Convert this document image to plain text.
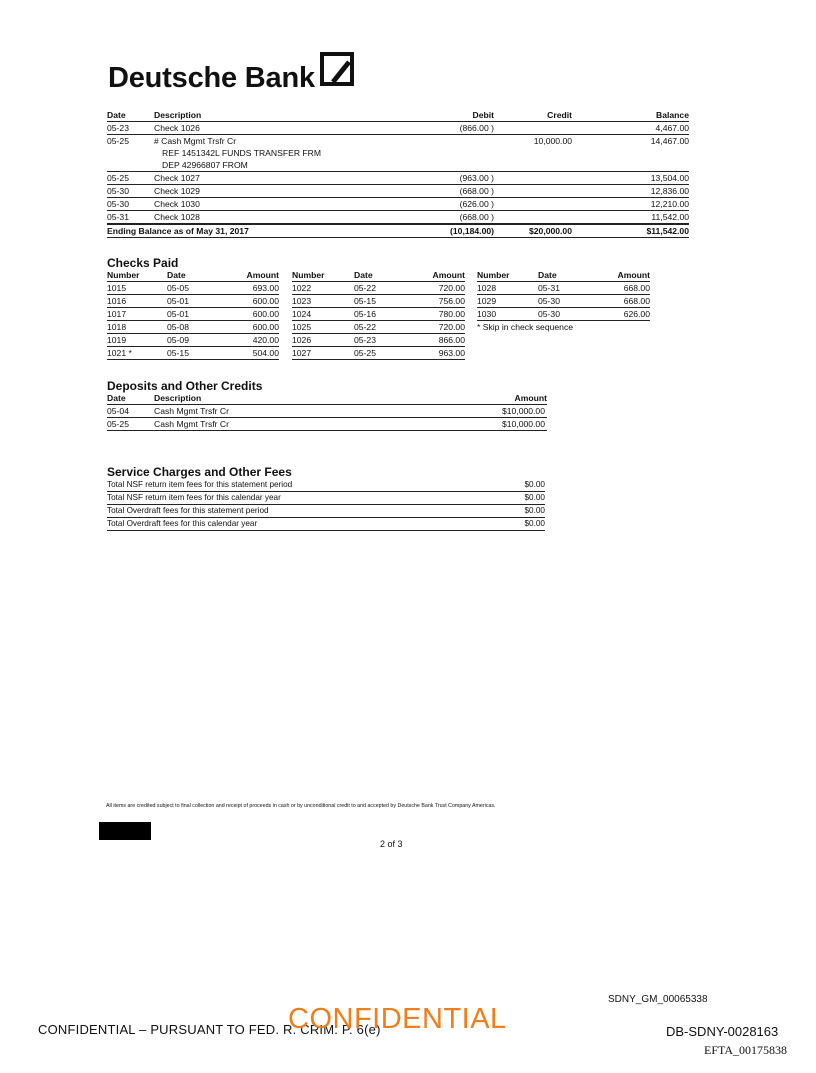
Deutsche Bank
Date	Description	Debit	Credit	Balance
05-23	Check 1026	(866.00 )		4,467.00
05-25	# Cash Mgmt Trsfr Cr		10,000.00	14,467.00
	REF 1451342L FUNDS TRANSFER FRM			
	DEP 42966807 FROM			
05-25	Check 1027	(963.00 )		13,504.00
05-30	Check 1029	(668.00 )		12,836.00
05-30	Check 1030	(626.00 )		12,210.00
05-31	Check 1028	(668.00 )		11,542.00
Ending Balance as of May 31, 2017		(10,184.00)	$20,000.00	$11,542.00
Checks Paid
Number	Date	Amount
1015	05-05	693.00
1016	05-01	600.00
1017	05-01	600.00
1018	05-08	600.00
1019	05-09	420.00
1021 *	05-15	504.00
Number	Date	Amount
1022	05-22	720.00
1023	05-15	756.00
1024	05-16	780.00
1025	05-22	720.00
1026	05-23	866.00
1027	05-25	963.00
Number	Date	Amount
1028	05-31	668.00
1029	05-30	668.00
1030	05-30	626.00
* Skip in check sequence		
Deposits and Other Credits
Date	Description	Amount
05-04	Cash Mgmt Trsfr Cr	$10,000.00
05-25	Cash Mgmt Trsfr Cr	$10,000.00
Service Charges and Other Fees
Total NSF return item fees for this statement period	$0.00
Total NSF return item fees for this calendar year	$0.00
Total Overdraft fees for this statement period	$0.00
Total Overdraft fees for this calendar year	$0.00
All items are credited subject to final collection and receipt of proceeds in cash or by unconditional credit to and accepted by Deutsche Bank Trust Company Americas.
2 of 3
SDNY_GM_00065338
CONFIDENTIAL – PURSUANT TO FED. R. CRIM. P. 6(e)
CONFIDENTIAL	DB-SDNY-0028163
EFTA_00175838
